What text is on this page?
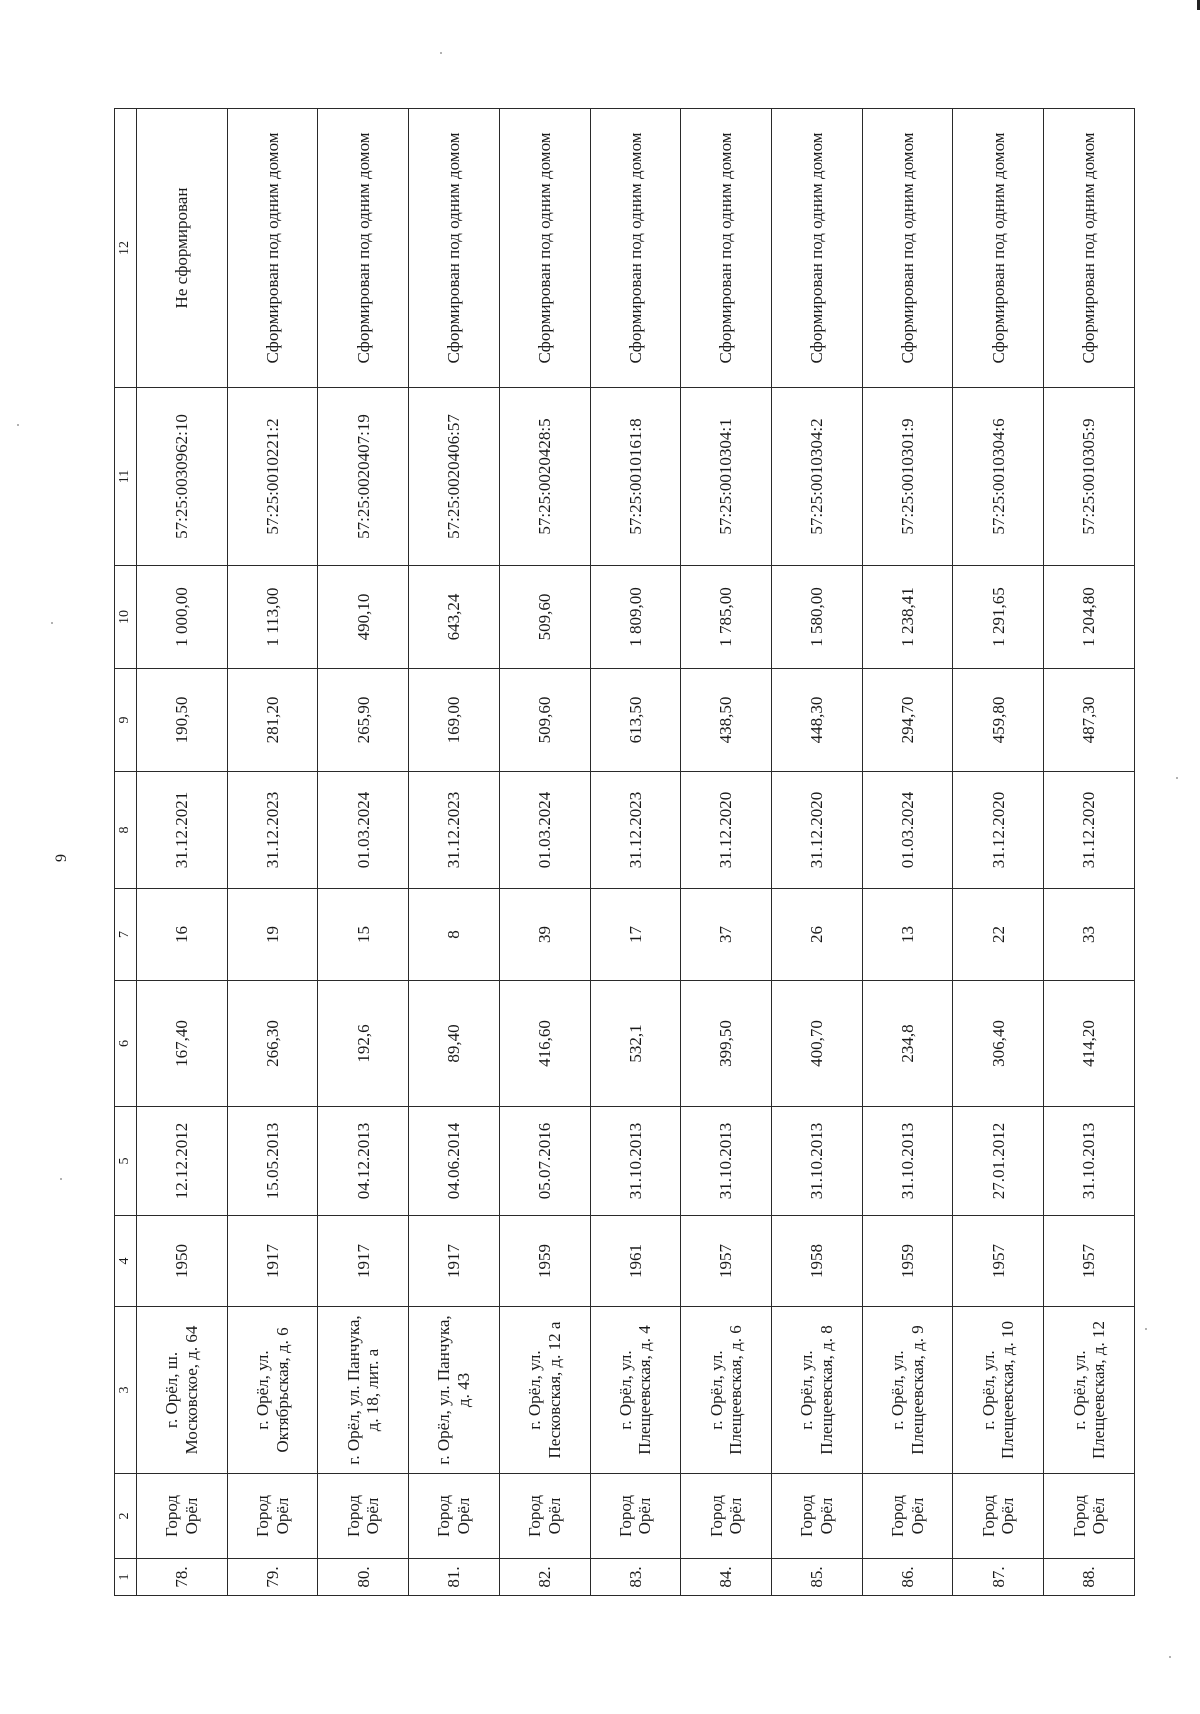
9
1	2	3	4	5	6	7	8	9	10	11	12
78.	Город Орёл	г. Орёл, ш. Московское, д. 64	1950	12.12.2012	167,40	16	31.12.2021	190,50	1 000,00	57:25:0030962:10	Не сформирован
79.	Город Орёл	г. Орёл, ул. Октябрьская, д. 6	1917	15.05.2013	266,30	19	31.12.2023	281,20	1 113,00	57:25:0010221:2	Сформирован под одним домом
80.	Город Орёл	г. Орёл, ул. Панчука, д. 18, лит. а	1917	04.12.2013	192,6	15	01.03.2024	265,90	490,10	57:25:0020407:19	Сформирован под одним домом
81.	Город Орёл	г. Орёл, ул. Панчука, д. 43	1917	04.06.2014	89,40	8	31.12.2023	169,00	643,24	57:25:0020406:57	Сформирован под одним домом
82.	Город Орёл	г. Орёл, ул. Песковская, д. 12 а	1959	05.07.2016	416,60	39	01.03.2024	509,60	509,60	57:25:0020428:5	Сформирован под одним домом
83.	Город Орёл	г. Орёл, ул. Плещеевская, д. 4	1961	31.10.2013	532,1	17	31.12.2023	613,50	1 809,00	57:25:0010161:8	Сформирован под одним домом
84.	Город Орёл	г. Орёл, ул. Плещеевская, д. 6	1957	31.10.2013	399,50	37	31.12.2020	438,50	1 785,00	57:25:0010304:1	Сформирован под одним домом
85.	Город Орёл	г. Орёл, ул. Плещеевская, д. 8	1958	31.10.2013	400,70	26	31.12.2020	448,30	1 580,00	57:25:0010304:2	Сформирован под одним домом
86.	Город Орёл	г. Орёл, ул. Плещеевская, д. 9	1959	31.10.2013	234,8	13	01.03.2024	294,70	1 238,41	57:25:0010301:9	Сформирован под одним домом
87.	Город Орёл	г. Орёл, ул. Плещеевская, д. 10	1957	27.01.2012	306,40	22	31.12.2020	459,80	1 291,65	57:25:0010304:6	Сформирован под одним домом
88.	Город Орёл	г. Орёл, ул. Плещеевская, д. 12	1957	31.10.2013	414,20	33	31.12.2020	487,30	1 204,80	57:25:0010305:9	Сформирован под одним домом
